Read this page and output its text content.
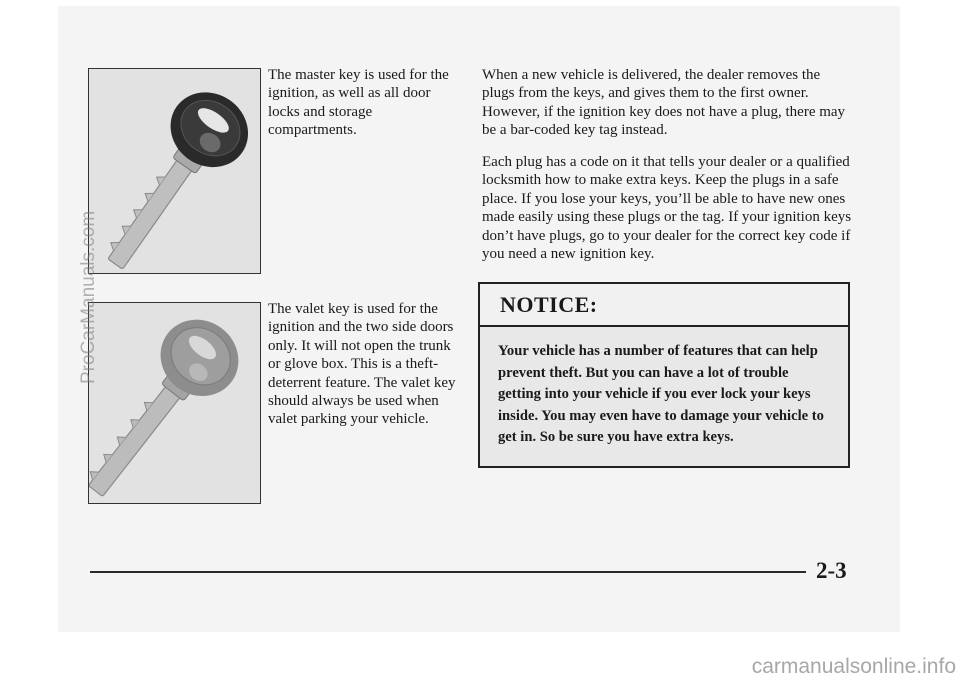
The master key is used for the ignition, as well as all door locks and storage compartments.

The valet key is used for the ignition and the two side doors only. It will not open the trunk or glove box. This is a theft-deterrent feature. The valet key should always be used when valet parking your vehicle.

When a new vehicle is delivered, the dealer removes the plugs from the keys, and gives them to the first owner. However, if the ignition key does not have a plug, there may be a bar-coded key tag instead.

Each plug has a code on it that tells your dealer or a qualified locksmith how to make extra keys. Keep the plugs in a safe place. If you lose your keys, you’ll be able to have new ones made easily using these plugs or the tag. If your ignition keys don’t have plugs, go to your dealer for the correct key code if you need a new ignition key.

NOTICE:

Your vehicle has a number of features that can help prevent theft. But you can have a lot of trouble getting into your vehicle if you ever lock your keys inside. You may even have to damage your vehicle to get in. So be sure you have extra keys.

2-3
ProCarManuals.com
carmanualsonline.info
